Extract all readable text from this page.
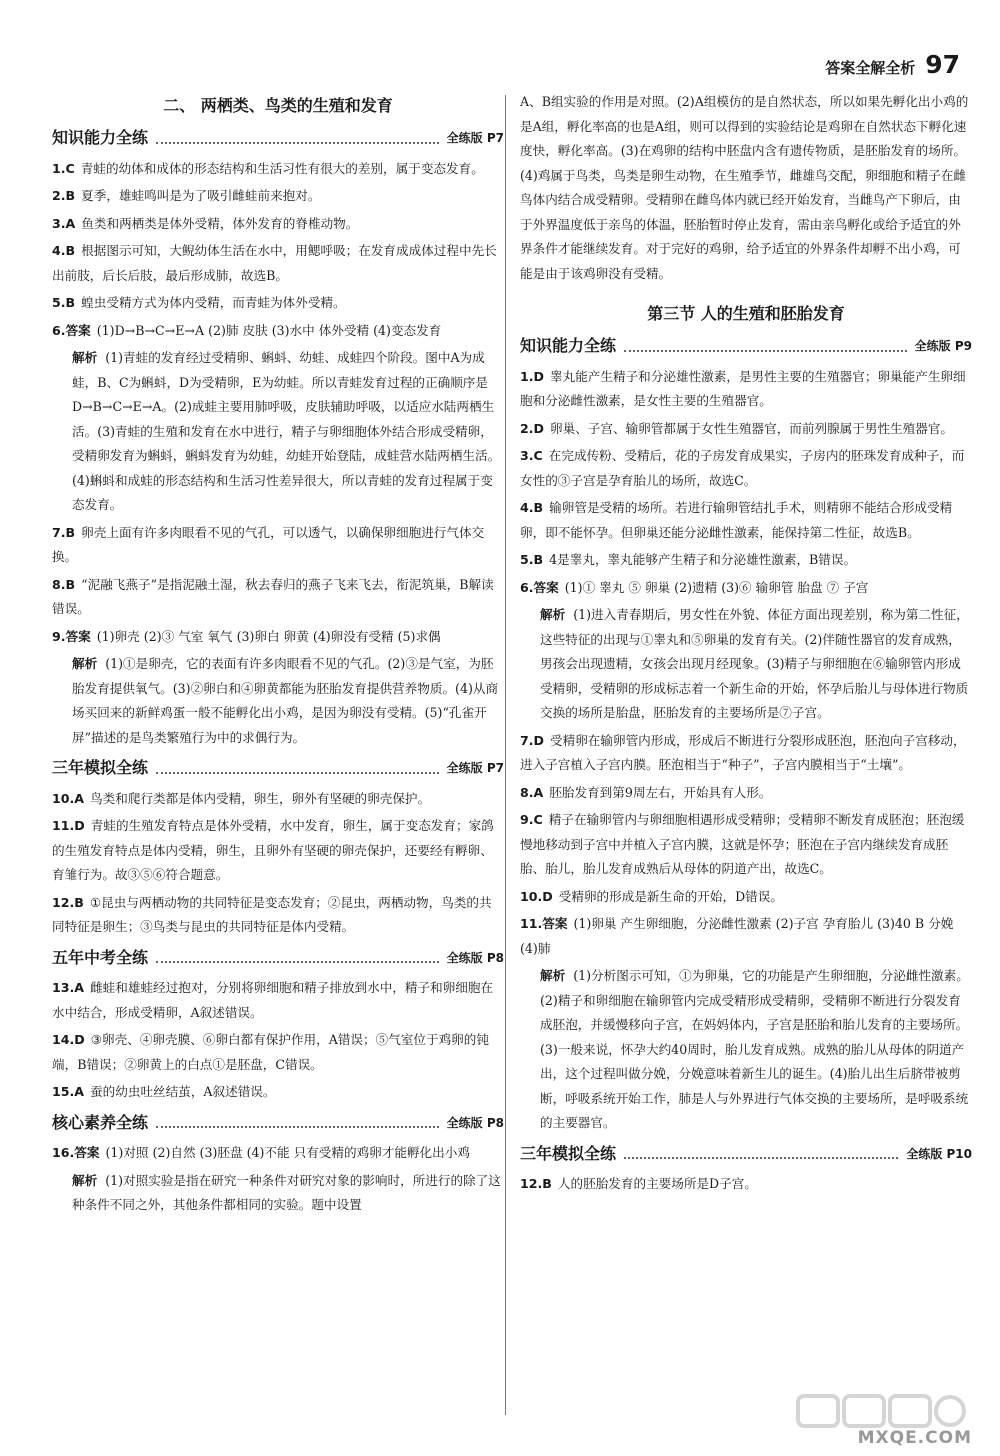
答案全解全析 97
二、 两栖类、鸟类的生殖和发育
知识能力全练	全练版 P7
1.C 青蛙的幼体和成体的形态结构和生活习性有很大的差别，属于变态发育。
2.B 夏季，雄蛙鸣叫是为了吸引雌蛙前来抱对。
3.A 鱼类和两栖类是体外受精，体外发育的脊椎动物。
4.B 根据图示可知，大鲵幼体生活在水中，用鳃呼吸；在发育成成体过程中先长出前肢，后长后肢，最后形成肺，故选B。
5.B 蝗虫受精方式为体内受精，而青蛙为体外受精。
6.答案 (1)D→B→C→E→A (2)肺 皮肤 (3)水中 体外受精 (4)变态发育
解析 (1)青蛙的发育经过受精卵、蝌蚪、幼蛙、成蛙四个阶段。图中A为成蛙，B、C为蝌蚪，D为受精卵，E为幼蛙。所以青蛙发育过程的正确顺序是D→B→C→E→A。(2)成蛙主要用肺呼吸，皮肤辅助呼吸，以适应水陆两栖生活。(3)青蛙的生殖和发育在水中进行，精子与卵细胞体外结合形成受精卵，受精卵发育为蝌蚪，蝌蚪发育为幼蛙，幼蛙开始登陆，成蛙营水陆两栖生活。(4)蝌蚪和成蛙的形态结构和生活习性差异很大，所以青蛙的发育过程属于变态发育。
7.B 卵壳上面有许多肉眼看不见的气孔，可以透气，以确保卵细胞进行气体交换。
8.B “泥融飞燕子”是指泥融土湿，秋去春归的燕子飞来飞去，衔泥筑巢，B解读错误。
9.答案 (1)卵壳 (2)③ 气室 氧气 (3)卵白 卵黄 (4)卵没有受精 (5)求偶
解析 (1)①是卵壳，它的表面有许多肉眼看不见的气孔。(2)③是气室，为胚胎发育提供氧气。(3)②卵白和④卵黄都能为胚胎发育提供营养物质。(4)从商场买回来的新鲜鸡蛋一般不能孵化出小鸡，是因为卵没有受精。(5)“孔雀开屏”描述的是鸟类繁殖行为中的求偶行为。
三年模拟全练	全练版 P7
10.A 鸟类和爬行类都是体内受精，卵生，卵外有坚硬的卵壳保护。
11.D 青蛙的生殖发育特点是体外受精，水中发育，卵生，属于变态发育；家鸽的生殖发育特点是体内受精，卵生，且卵外有坚硬的卵壳保护，还要经有孵卵、育雏行为。故③⑤⑥符合题意。
12.B ①昆虫与两栖动物的共同特征是变态发育；②昆虫，两栖动物，鸟类的共同特征是卵生；③鸟类与昆虫的共同特征是体内受精。
五年中考全练	全练版 P8
13.A 雌蛙和雄蛙经过抱对，分别将卵细胞和精子排放到水中，精子和卵细胞在水中结合，形成受精卵，A叙述错误。
14.D ③卵壳、④卵壳膜、⑥卵白都有保护作用，A错误；⑤气室位于鸡卵的钝端，B错误；②卵黄上的白点①是胚盘，C错误。
15.A 蚕的幼虫吐丝结茧，A叙述错误。
核心素养全练	全练版 P8
16.答案 (1)对照 (2)自然 (3)胚盘 (4)不能 只有受精的鸡卵才能孵化出小鸡
解析 (1)对照实验是指在研究一种条件对研究对象的影响时，所进行的除了这种条件不同之外，其他条件都相同的实验。题中设置
A、B组实验的作用是对照。(2)A组模仿的是自然状态，所以如果先孵化出小鸡的是A组，孵化率高的也是A组，则可以得到的实验结论是鸡卵在自然状态下孵化速度快，孵化率高。(3)在鸡卵的结构中胚盘内含有遗传物质，是胚胎发育的场所。(4)鸡属于鸟类，鸟类是卵生动物，在生殖季节，雌雄鸟交配，卵细胞和精子在雌鸟体内结合成受精卵。受精卵在雌鸟体内就已经开始发育，当雌鸟产下卵后，由于外界温度低于亲鸟的体温，胚胎暂时停止发育，需由亲鸟孵化或给予适宜的外界条件才能继续发育。对于完好的鸡卵，给予适宜的外界条件却孵不出小鸡，可能是由于该鸡卵没有受精。
第三节 人的生殖和胚胎发育
知识能力全练	全练版 P9
1.D 睾丸能产生精子和分泌雄性激素，是男性主要的生殖器官；卵巢能产生卵细胞和分泌雌性激素，是女性主要的生殖器官。
2.D 卵巢、子宫、输卵管都属于女性生殖器官，而前列腺属于男性生殖器官。
3.C 在完成传粉、受精后，花的子房发育成果实，子房内的胚珠发育成种子，而女性的③子宫是孕育胎儿的场所，故选C。
4.B 输卵管是受精的场所。若进行输卵管结扎手术，则精卵不能结合形成受精卵，即不能怀孕。但卵巢还能分泌雌性激素，能保持第二性征，故选B。
5.B 4是睾丸，睾丸能够产生精子和分泌雄性激素，B错误。
6.答案 (1)① 睾丸 ⑤ 卵巢 (2)遗精 (3)⑥ 输卵管 胎盘 ⑦ 子宫
解析 (1)进入青春期后，男女性在外貌、体征方面出现差别，称为第二性征，这些特征的出现与①睾丸和⑤卵巢的发育有关。(2)伴随性器官的发育成熟，男孩会出现遗精，女孩会出现月经现象。(3)精子与卵细胞在⑥输卵管内形成受精卵，受精卵的形成标志着一个新生命的开始，怀孕后胎儿与母体进行物质交换的场所是胎盘，胚胎发育的主要场所是⑦子宫。
7.D 受精卵在输卵管内形成，形成后不断进行分裂形成胚泡，胚泡向子宫移动，进入子宫植入子宫内膜。胚泡相当于“种子”，子宫内膜相当于“土壤”。
8.A 胚胎发育到第9周左右，开始具有人形。
9.C 精子在输卵管内与卵细胞相遇形成受精卵；受精卵不断发育成胚泡；胚泡缓慢地移动到子宫中并植入子宫内膜，这就是怀孕；胚泡在子宫内继续发育成胚胎、胎儿，胎儿发育成熟后从母体的阴道产出，故选C。
10.D 受精卵的形成是新生命的开始，D错误。
11.答案 (1)卵巢 产生卵细胞，分泌雌性激素 (2)子宫 孕育胎儿 (3)40 B 分娩 (4)肺
解析 (1)分析图示可知，①为卵巢，它的功能是产生卵细胞，分泌雌性激素。(2)精子和卵细胞在输卵管内完成受精形成受精卵，受精卵不断进行分裂发育成胚泡，并缓慢移向子宫，在妈妈体内，子宫是胚胎和胎儿发育的主要场所。(3)一般来说，怀孕大约40周时，胎儿发育成熟。成熟的胎儿从母体的阴道产出，这个过程叫做分娩，分娩意味着新生儿的诞生。(4)胎儿出生后脐带被剪断，呼吸系统开始工作，肺是人与外界进行气体交换的主要场所，是呼吸系统的主要器官。
三年模拟全练	全练版 P10
12.B 人的胚胎发育的主要场所是D子宫。
MXQE.COM
